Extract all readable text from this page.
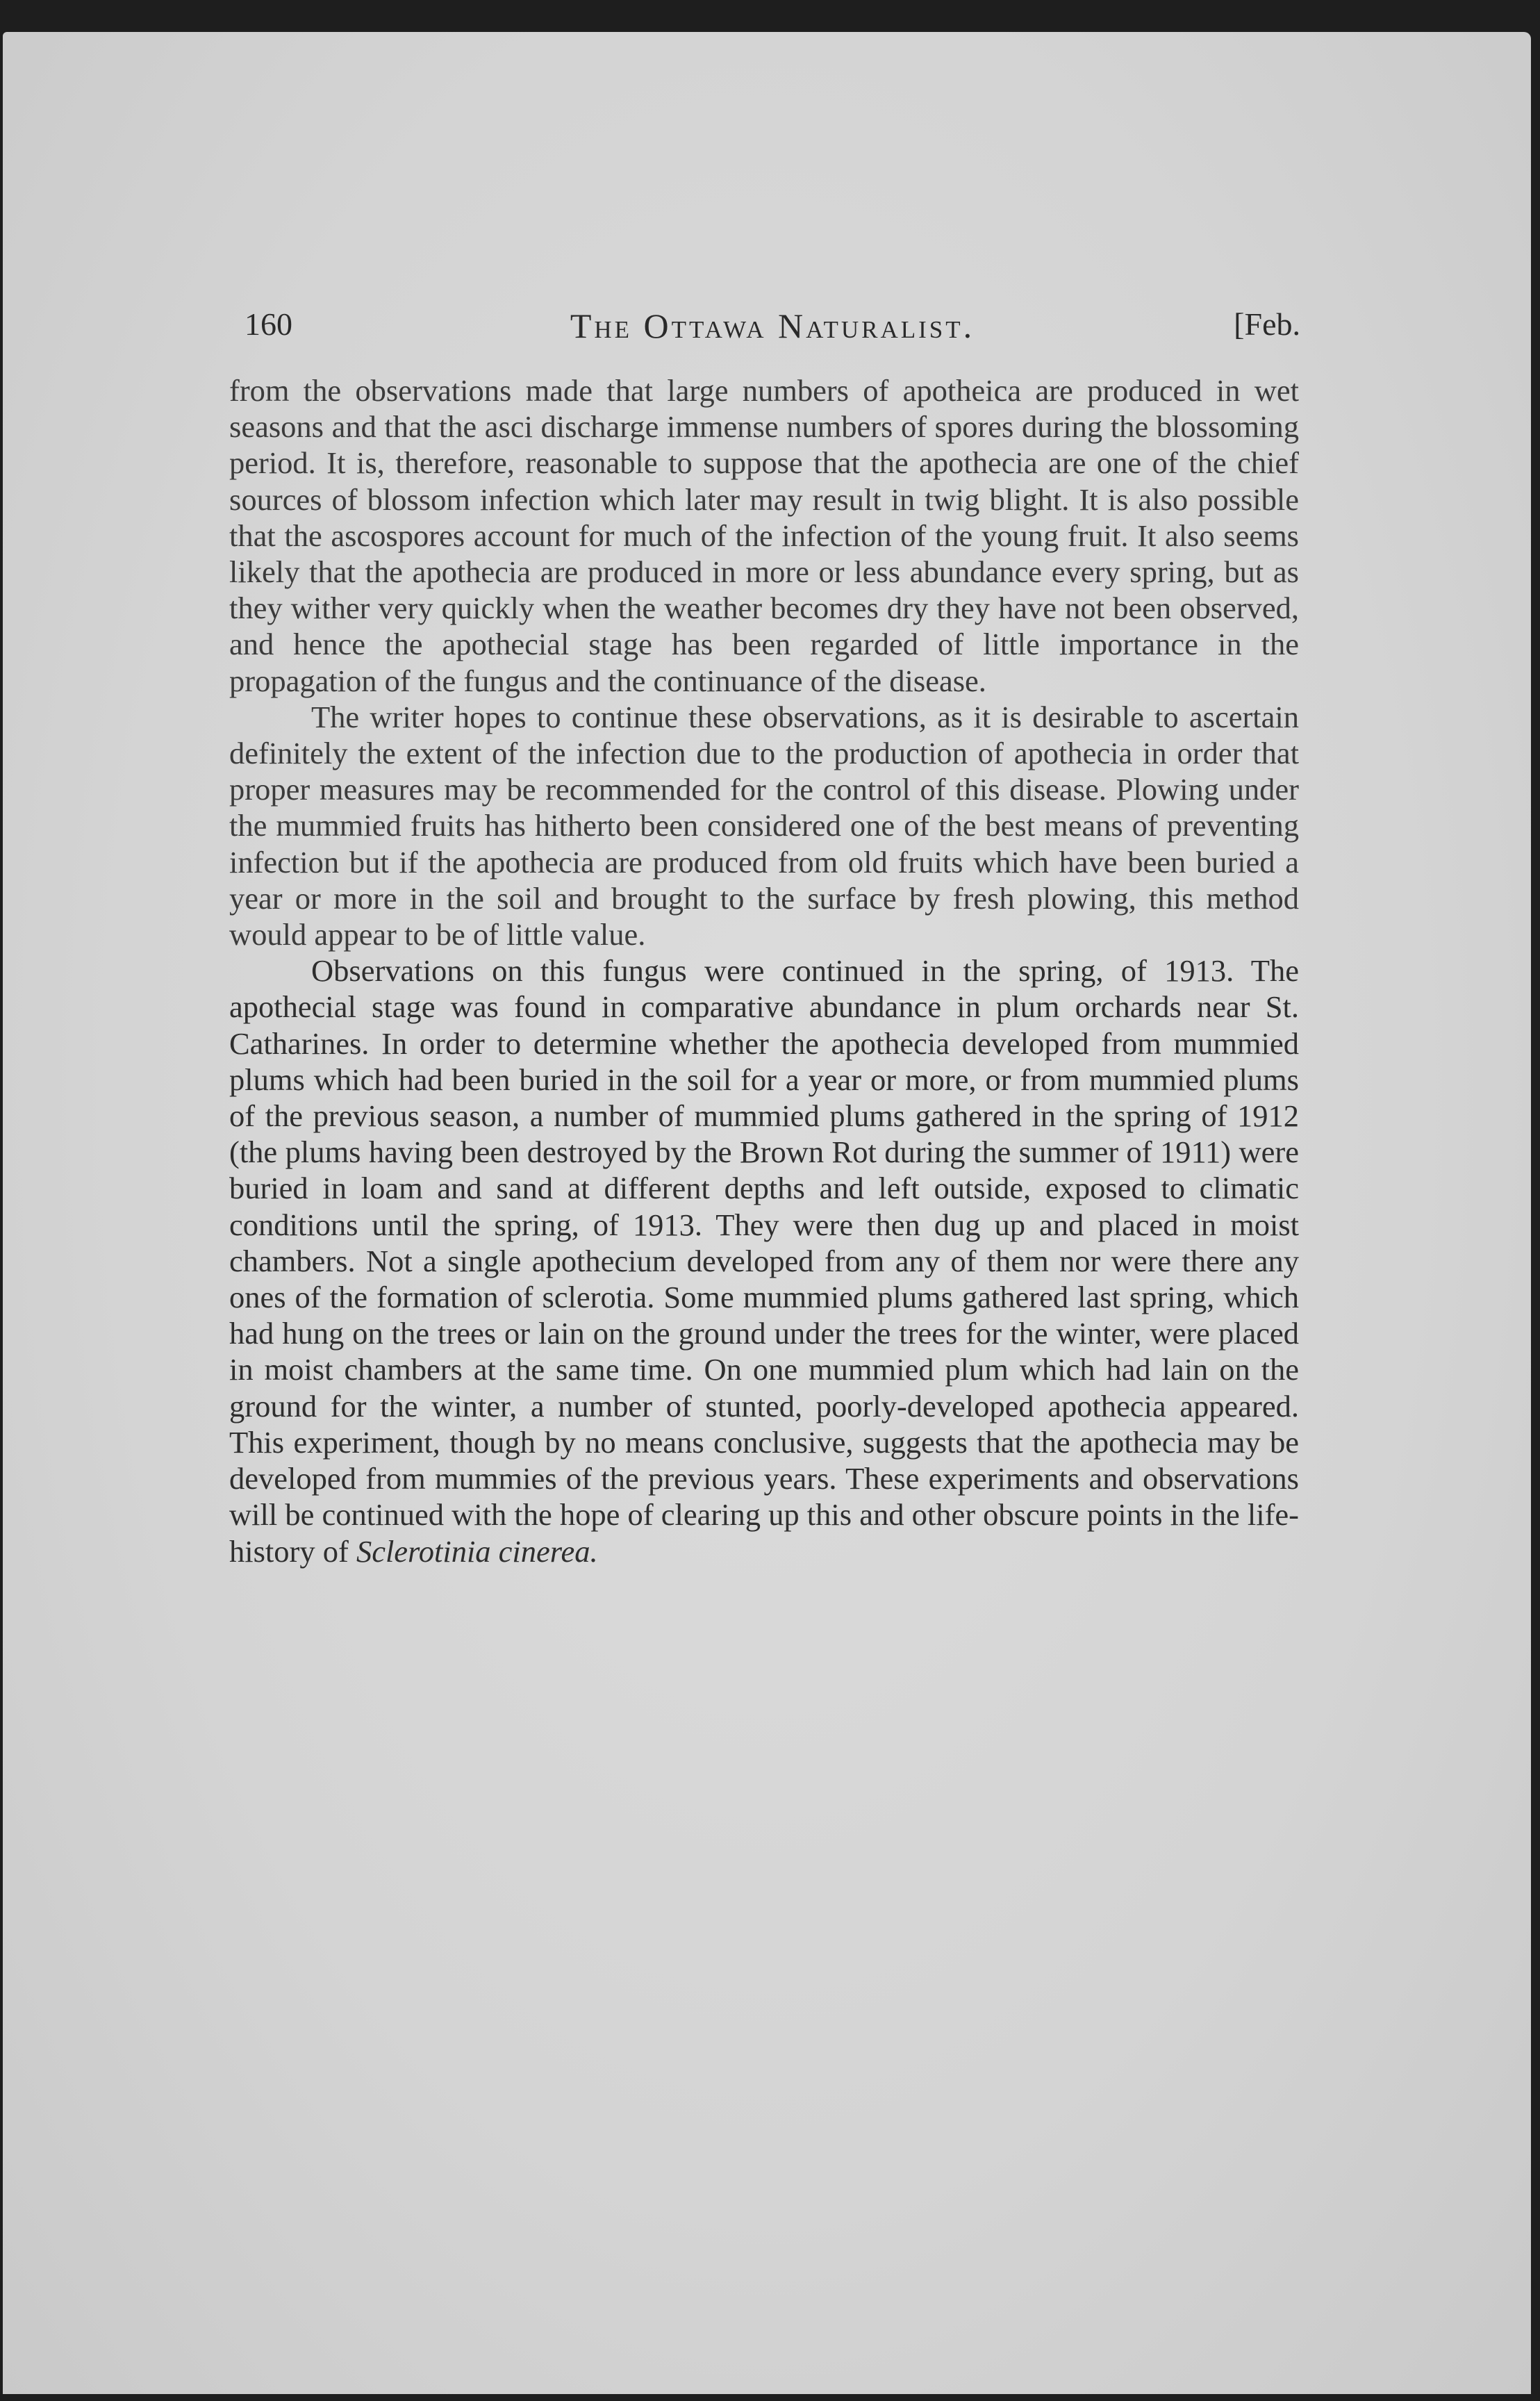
160	The Ottawa Naturalist.	[Feb.

from the observations made that large numbers of apotheica are produced in wet seasons and that the asci discharge immense numbers of spores during the blossoming period. It is, therefore, reasonable to suppose that the apothecia are one of the chief sources of blossom infection which later may result in twig blight. It is also possible that the ascospores account for much of the infection of the young fruit. It also seems likely that the apothecia are produced in more or less abundance every spring, but as they wither very quickly when the weather becomes dry they have not been observed, and hence the apothecial stage has been regarded of little importance in the propagation of the fungus and the continuance of the disease.

The writer hopes to continue these observations, as it is desirable to ascertain definitely the extent of the infection due to the production of apothecia in order that proper measures may be recommended for the control of this disease. Plowing under the mummied fruits has hitherto been considered one of the best means of preventing infection but if the apothecia are produced from old fruits which have been buried a year or more in the soil and brought to the surface by fresh plowing, this method would appear to be of little value.

Observations on this fungus were continued in the spring, of 1913. The apothecial stage was found in comparative abundance in plum orchards near St. Catharines. In order to determine whether the apothecia developed from mummied plums which had been buried in the soil for a year or more, or from mummied plums of the previous season, a number of mummied plums gathered in the spring of 1912 (the plums having been destroyed by the Brown Rot during the summer of 1911) were buried in loam and sand at different depths and left outside, exposed to climatic conditions until the spring, of 1913. They were then dug up and placed in moist chambers. Not a single apothecium developed from any of them nor were there any ones of the formation of sclerotia. Some mummied plums gathered last spring, which had hung on the trees or lain on the ground under the trees for the winter, were placed in moist chambers at the same time. On one mummied plum which had lain on the ground for the winter, a number of stunted, poorly-developed apothecia appeared. This experiment, though by no means conclusive, suggests that the apothecia may be developed from mummies of the previous years. These experiments and observations will be continued with the hope of clearing up this and other obscure points in the life-history of Sclerotinia cinerea.
